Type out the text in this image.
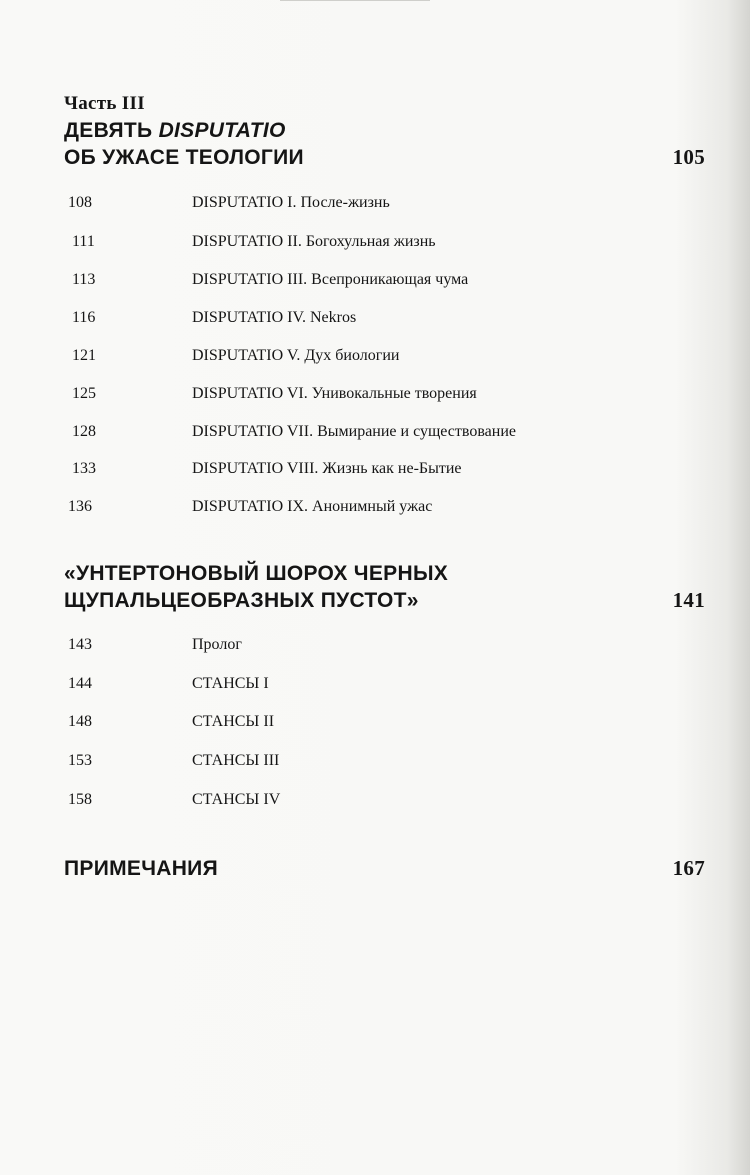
Часть III
ДЕВЯТЬ DISPUTATIO
ОБ УЖАСЕ ТЕОЛОГИИ	105
108	DISPUTATIO I. После-жизнь
111	DISPUTATIO II. Богохульная жизнь
113	DISPUTATIO III. Всепроникающая чума
116	DISPUTATIO IV. Nekros
121	DISPUTATIO V. Дух биологии
125	DISPUTATIO VI. Унивокальные творения
128	DISPUTATIO VII. Вымирание и существование
133	DISPUTATIO VIII. Жизнь как не-Бытие
136	DISPUTATIO IX. Анонимный ужас
«УНТЕРТОНОВЫЙ ШОРОХ ЧЕРНЫХ
ЩУПАЛЬЦЕОБРАЗНЫХ ПУСТОТ»	141
143	Пролог
144	СТАНСЫ I
148	СТАНСЫ II
153	СТАНСЫ III
158	СТАНСЫ IV
ПРИМЕЧАНИЯ	167
